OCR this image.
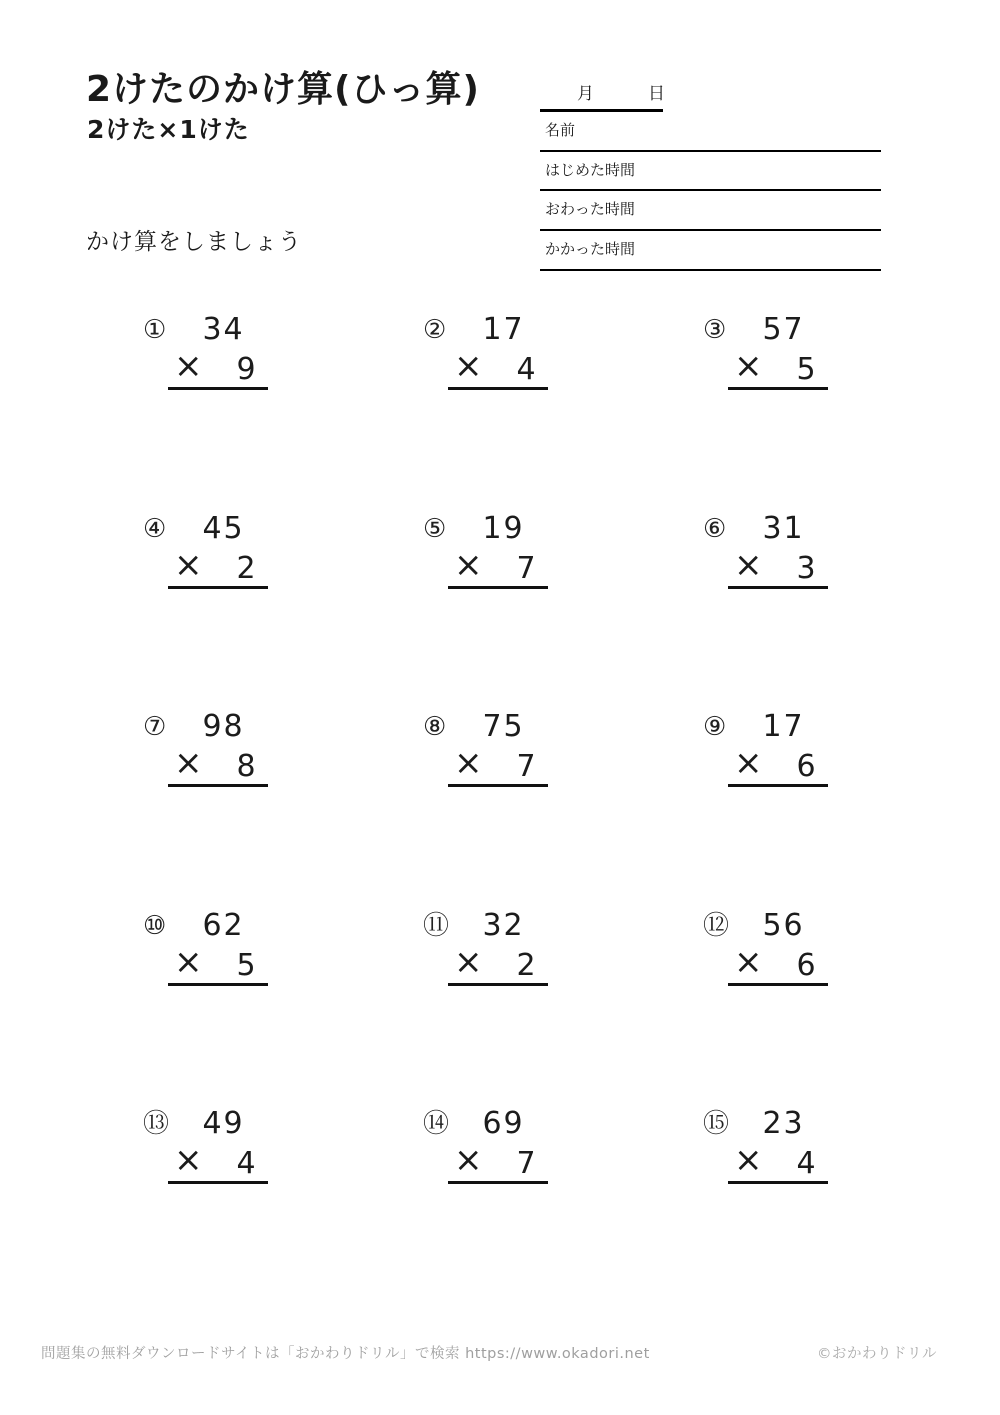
2けたのかけ算(ひっ算)
2けた×1けた

かけ算をしましょう

月	日
名前
はじめた時間
おわった時間
かかった時間
① 3 4
× 9
② 1 7
× 4
③ 5 7
× 5
④ 4 5
× 2
⑤ 1 9
× 7
⑥ 3 1
× 3
⑦ 9 8
× 8
⑧ 7 5
× 7
⑨ 1 7
× 6
⑩ 6 2
× 5
⑪ 3 2
× 2
⑫ 5 6
× 6
⑬ 4 9
× 4
⑭ 6 9
× 7
⑮ 2 3
× 4
問題集の無料ダウンロードサイトは「おかわりドリル」で検索 https://www.okadori.net	©おかわりドリル
